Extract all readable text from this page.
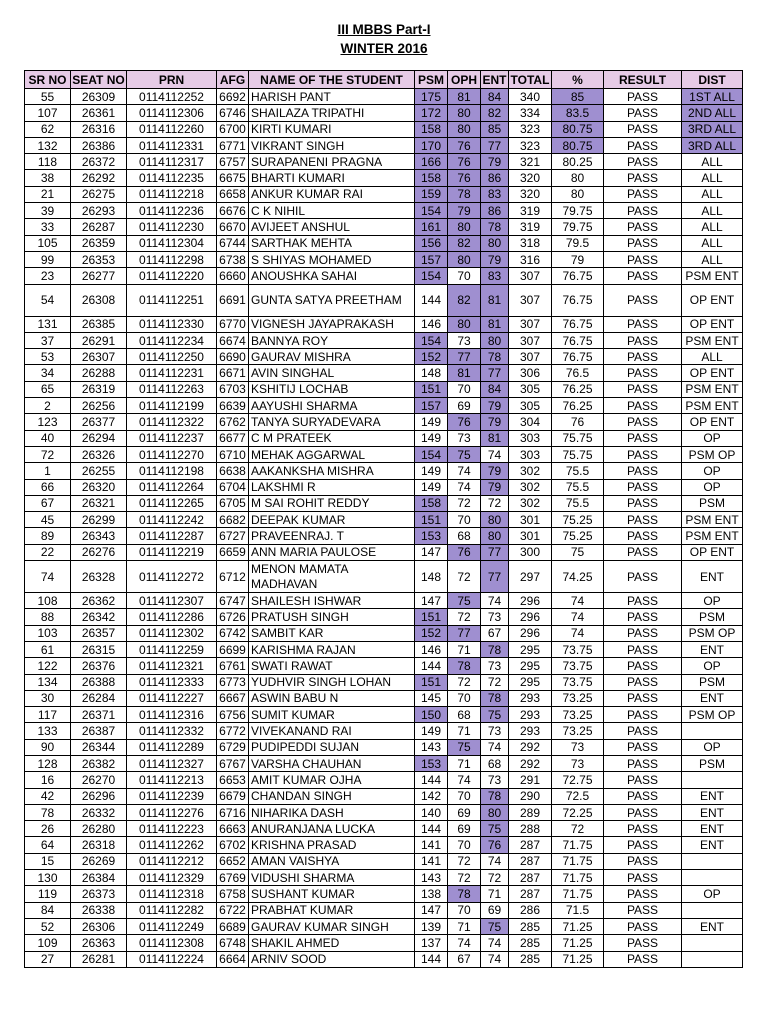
III MBBS Part-I
WINTER 2016
SR NO	SEAT NO	PRN	AFG	NAME OF THE STUDENT	PSM	OPH	ENT	TOTAL	%	RESULT	DIST
55	26309	0114112252	6692	HARISH PANT	175	81	84	340	85	PASS	1ST ALL
107	26361	0114112306	6746	SHAILAZA TRIPATHI	172	80	82	334	83.5	PASS	2ND ALL
62	26316	0114112260	6700	KIRTI KUMARI	158	80	85	323	80.75	PASS	3RD ALL
132	26386	0114112331	6771	VIKRANT SINGH	170	76	77	323	80.75	PASS	3RD ALL
118	26372	0114112317	6757	SURAPANENI PRAGNA	166	76	79	321	80.25	PASS	ALL
38	26292	0114112235	6675	BHARTI KUMARI	158	76	86	320	80	PASS	ALL
21	26275	0114112218	6658	ANKUR KUMAR RAI	159	78	83	320	80	PASS	ALL
39	26293	0114112236	6676	C K NIHIL	154	79	86	319	79.75	PASS	ALL
33	26287	0114112230	6670	AVIJEET ANSHUL	161	80	78	319	79.75	PASS	ALL
105	26359	0114112304	6744	SARTHAK MEHTA	156	82	80	318	79.5	PASS	ALL
99	26353	0114112298	6738	S SHIYAS MOHAMED	157	80	79	316	79	PASS	ALL
23	26277	0114112220	6660	ANOUSHKA SAHAI	154	70	83	307	76.75	PASS	PSM ENT
54	26308	0114112251	6691	GUNTA SATYA PREETHAM	144	82	81	307	76.75	PASS	OP ENT
131	26385	0114112330	6770	VIGNESH JAYAPRAKASH	146	80	81	307	76.75	PASS	OP ENT
37	26291	0114112234	6674	BANNYA ROY	154	73	80	307	76.75	PASS	PSM ENT
53	26307	0114112250	6690	GAURAV MISHRA	152	77	78	307	76.75	PASS	ALL
34	26288	0114112231	6671	AVIN SINGHAL	148	81	77	306	76.5	PASS	OP ENT
65	26319	0114112263	6703	KSHITIJ LOCHAB	151	70	84	305	76.25	PASS	PSM ENT
2	26256	0114112199	6639	AAYUSHI SHARMA	157	69	79	305	76.25	PASS	PSM ENT
123	26377	0114112322	6762	TANYA SURYADEVARA	149	76	79	304	76	PASS	OP ENT
40	26294	0114112237	6677	C M PRATEEK	149	73	81	303	75.75	PASS	OP
72	26326	0114112270	6710	MEHAK AGGARWAL	154	75	74	303	75.75	PASS	PSM OP
1	26255	0114112198	6638	AAKANKSHA MISHRA	149	74	79	302	75.5	PASS	OP
66	26320	0114112264	6704	LAKSHMI R	149	74	79	302	75.5	PASS	OP
67	26321	0114112265	6705	M SAI ROHIT REDDY	158	72	72	302	75.5	PASS	PSM
45	26299	0114112242	6682	DEEPAK KUMAR	151	70	80	301	75.25	PASS	PSM ENT
89	26343	0114112287	6727	PRAVEENRAJ. T	153	68	80	301	75.25	PASS	PSM ENT
22	26276	0114112219	6659	ANN MARIA PAULOSE	147	76	77	300	75	PASS	OP ENT
74	26328	0114112272	6712	MENON MAMATA MADHAVAN	148	72	77	297	74.25	PASS	ENT
108	26362	0114112307	6747	SHAILESH ISHWAR	147	75	74	296	74	PASS	OP
88	26342	0114112286	6726	PRATUSH SINGH	151	72	73	296	74	PASS	PSM
103	26357	0114112302	6742	SAMBIT KAR	152	77	67	296	74	PASS	PSM OP
61	26315	0114112259	6699	KARISHMA RAJAN	146	71	78	295	73.75	PASS	ENT
122	26376	0114112321	6761	SWATI RAWAT	144	78	73	295	73.75	PASS	OP
134	26388	0114112333	6773	YUDHVIR SINGH LOHAN	151	72	72	295	73.75	PASS	PSM
30	26284	0114112227	6667	ASWIN BABU N	145	70	78	293	73.25	PASS	ENT
117	26371	0114112316	6756	SUMIT KUMAR	150	68	75	293	73.25	PASS	PSM OP
133	26387	0114112332	6772	VIVEKANAND RAI	149	71	73	293	73.25	PASS	
90	26344	0114112289	6729	PUDIPEDDI SUJAN	143	75	74	292	73	PASS	OP
128	26382	0114112327	6767	VARSHA CHAUHAN	153	71	68	292	73	PASS	PSM
16	26270	0114112213	6653	AMIT KUMAR OJHA	144	74	73	291	72.75	PASS	
42	26296	0114112239	6679	CHANDAN SINGH	142	70	78	290	72.5	PASS	ENT
78	26332	0114112276	6716	NIHARIKA DASH	140	69	80	289	72.25	PASS	ENT
26	26280	0114112223	6663	ANURANJANA LUCKA	144	69	75	288	72	PASS	ENT
64	26318	0114112262	6702	KRISHNA PRASAD	141	70	76	287	71.75	PASS	ENT
15	26269	0114112212	6652	AMAN VAISHYA	141	72	74	287	71.75	PASS	
130	26384	0114112329	6769	VIDUSHI SHARMA	143	72	72	287	71.75	PASS	
119	26373	0114112318	6758	SUSHANT KUMAR	138	78	71	287	71.75	PASS	OP
84	26338	0114112282	6722	PRABHAT KUMAR	147	70	69	286	71.5	PASS	
52	26306	0114112249	6689	GAURAV KUMAR SINGH	139	71	75	285	71.25	PASS	ENT
109	26363	0114112308	6748	SHAKIL AHMED	137	74	74	285	71.25	PASS	
27	26281	0114112224	6664	ARNIV SOOD	144	67	74	285	71.25	PASS	
